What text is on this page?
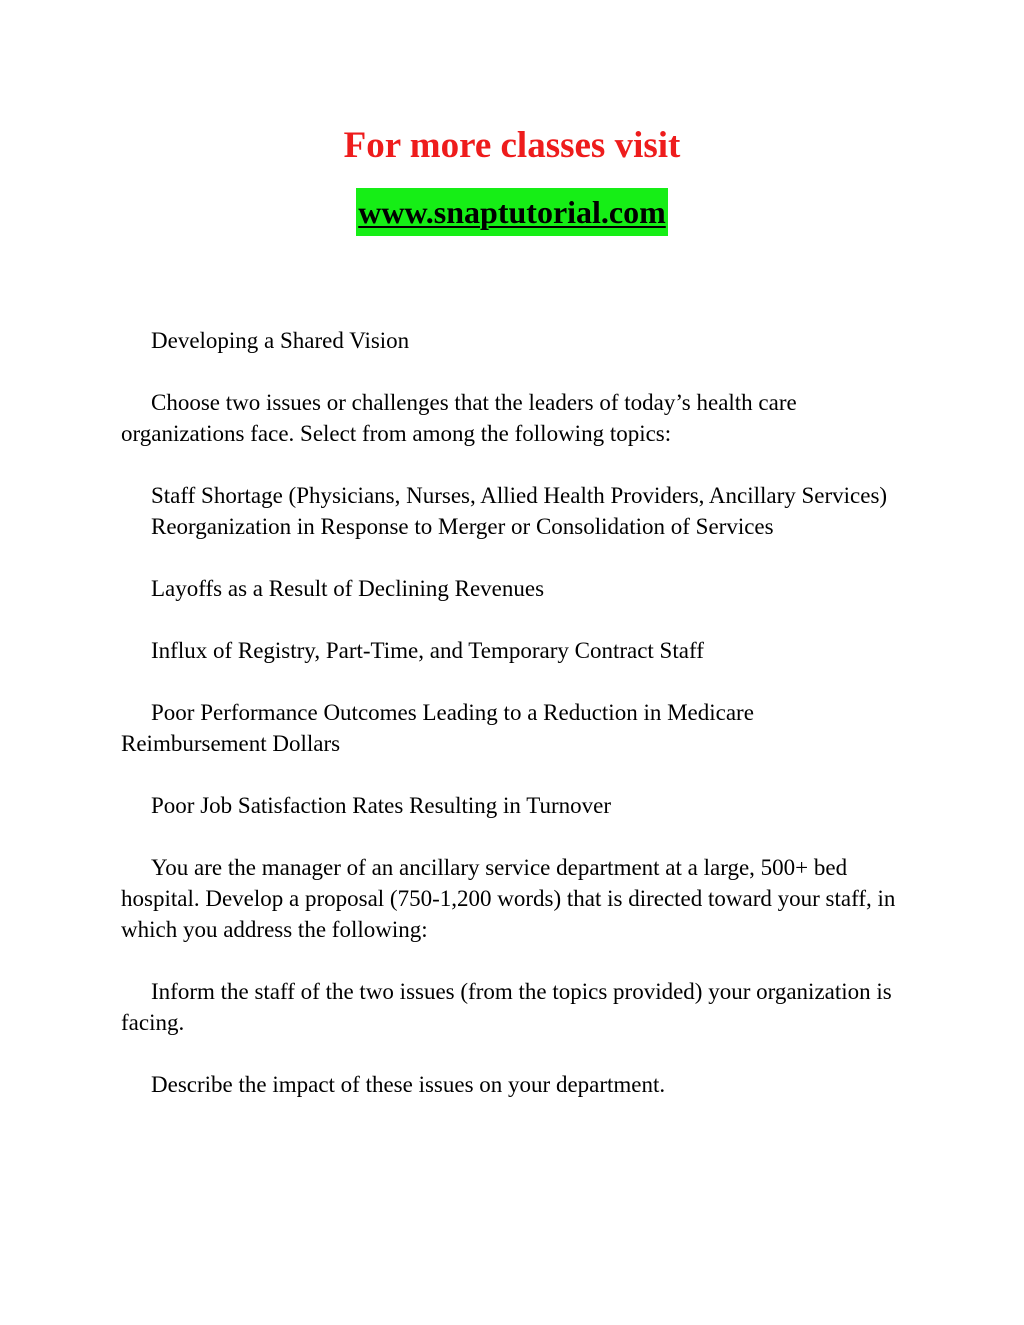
For more classes visit
www.snaptutorial.com

Developing a Shared Vision

Choose two issues or challenges that the leaders of today’s health care organizations face. Select from among the following topics:

Staff Shortage (Physicians, Nurses, Allied Health Providers, Ancillary Services)

Reorganization in Response to Merger or Consolidation of Services

Layoffs as a Result of Declining Revenues

Influx of Registry, Part-Time, and Temporary Contract Staff

Poor Performance Outcomes Leading to a Reduction in Medicare Reimbursement Dollars

Poor Job Satisfaction Rates Resulting in Turnover

You are the manager of an ancillary service department at a large, 500+ bed hospital. Develop a proposal (750-1,200 words) that is directed toward your staff, in which you address the following:

Inform the staff of the two issues (from the topics provided) your organization is facing.

Describe the impact of these issues on your department.
